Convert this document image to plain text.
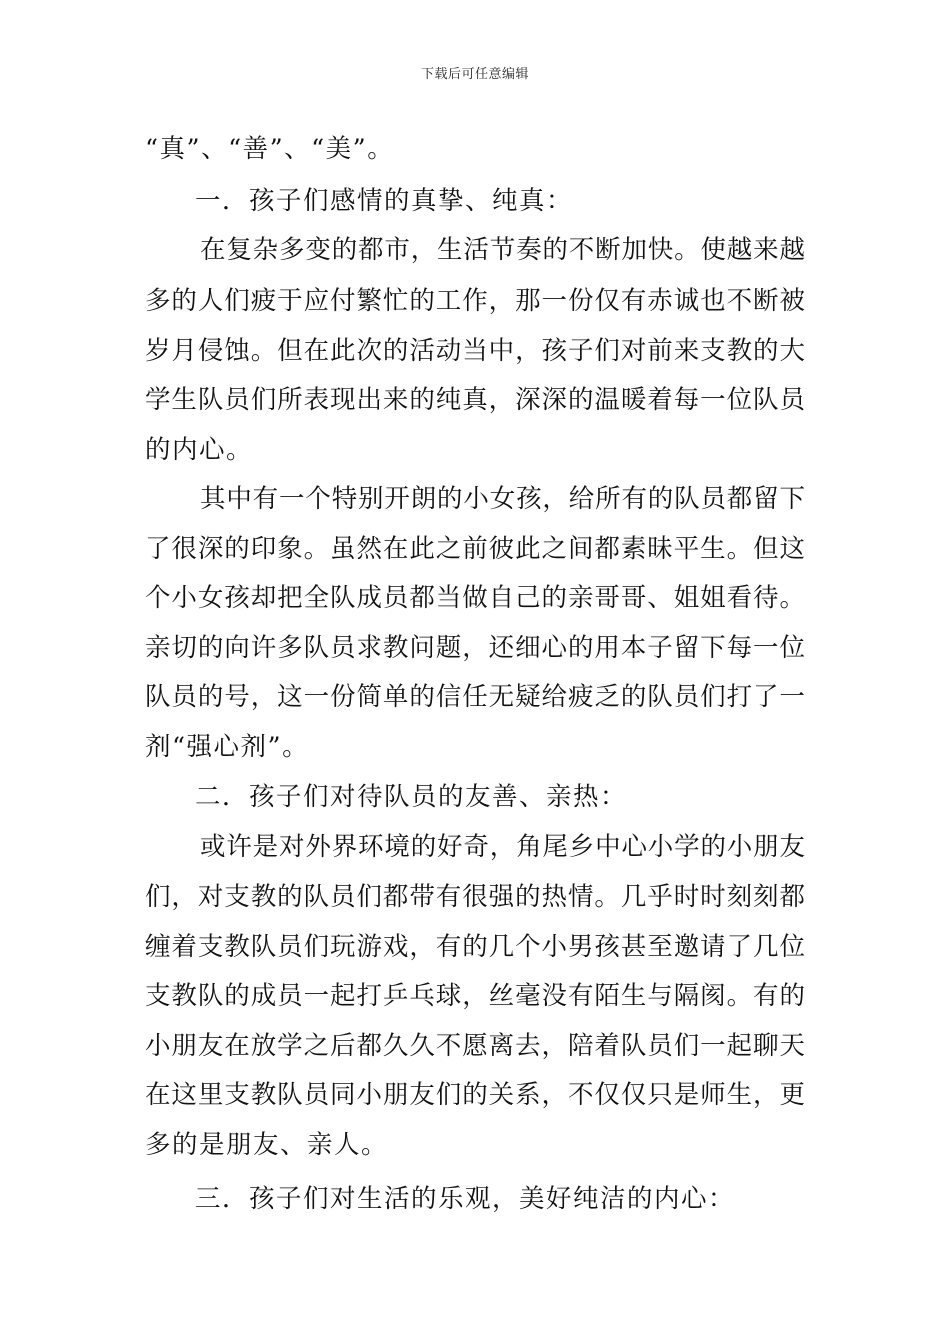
下载后可任意编辑
“真”、“善”、“美”。
一．孩子们感情的真挚、纯真：
在复杂多变的都市，生活节奏的不断加快。使越来越
多的人们疲于应付繁忙的工作，那一份仅有赤诚也不断被
岁月侵蚀。但在此次的活动当中，孩子们对前来支教的大
学生队员们所表现出来的纯真，深深的温暖着每一位队员
的内心。
其中有一个特别开朗的小女孩，给所有的队员都留下
了很深的印象。虽然在此之前彼此之间都素昧平生。但这
个小女孩却把全队成员都当做自己的亲哥哥、姐姐看待。
亲切的向许多队员求教问题，还细心的用本子留下每一位
队员的号，这一份简单的信任无疑给疲乏的队员们打了一
剂“强心剂”。
二．孩子们对待队员的友善、亲热：
或许是对外界环境的好奇，角尾乡中心小学的小朋友
们，对支教的队员们都带有很强的热情。几乎时时刻刻都
缠着支教队员们玩游戏，有的几个小男孩甚至邀请了几位
支教队的成员一起打乒乓球，丝毫没有陌生与隔阂。有的
小朋友在放学之后都久久不愿离去，陪着队员们一起聊天
在这里支教队员同小朋友们的关系，不仅仅只是师生，更
多的是朋友、亲人。
三．孩子们对生活的乐观，美好纯洁的内心：
